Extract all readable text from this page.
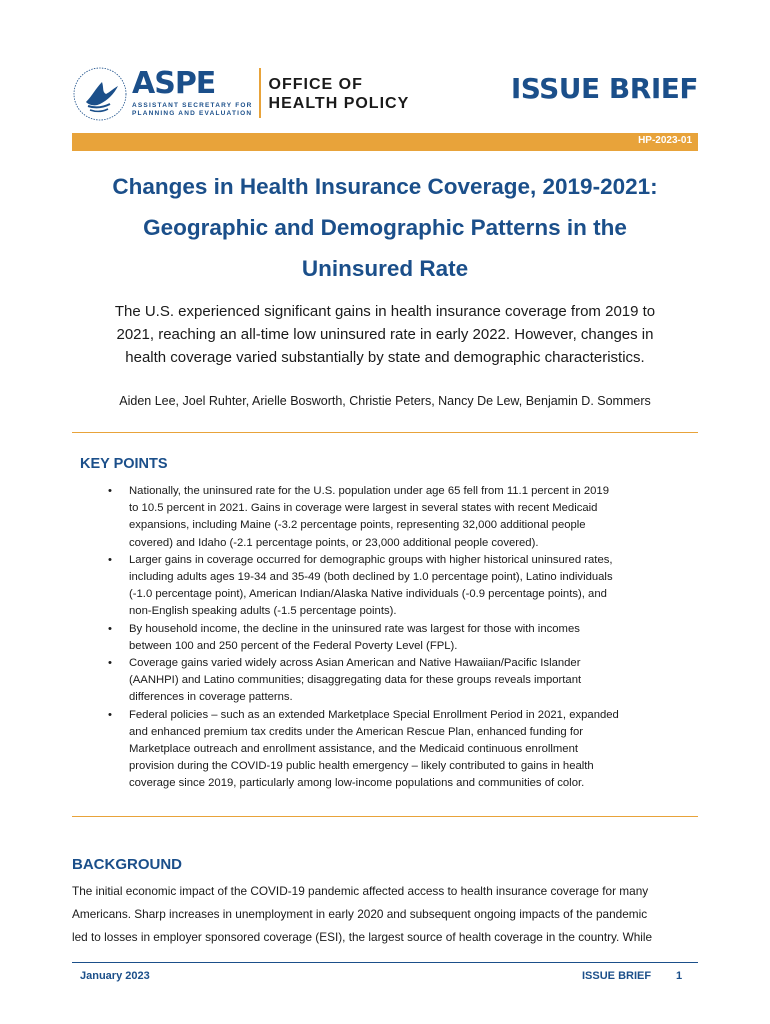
ASPE
ASSISTANT SECRETARY FOR
PLANNING AND EVALUATION
OFFICE OF
HEALTH POLICY	ISSUE BRIEF
HP-2023-01
Changes in Health Insurance Coverage, 2019-2021:
Geographic and Demographic Patterns in the
Uninsured Rate
The U.S. experienced significant gains in health insurance coverage from 2019 to
2021, reaching an all-time low uninsured rate in early 2022. However, changes in
health coverage varied substantially by state and demographic characteristics.
Aiden Lee, Joel Ruhter, Arielle Bosworth, Christie Peters, Nancy De Lew, Benjamin D. Sommers
KEY POINTS
• Nationally, the uninsured rate for the U.S. population under age 65 fell from 11.1 percent in 2019
to 10.5 percent in 2021. Gains in coverage were largest in several states with recent Medicaid
expansions, including Maine (-3.2 percentage points, representing 32,000 additional people
covered) and Idaho (-2.1 percentage points, or 23,000 additional people covered).
• Larger gains in coverage occurred for demographic groups with higher historical uninsured rates,
including adults ages 19-34 and 35-49 (both declined by 1.0 percentage point), Latino individuals
(-1.0 percentage point), American Indian/Alaska Native individuals (-0.9 percentage points), and
non-English speaking adults (-1.5 percentage points).
• By household income, the decline in the uninsured rate was largest for those with incomes
between 100 and 250 percent of the Federal Poverty Level (FPL).
• Coverage gains varied widely across Asian American and Native Hawaiian/Pacific Islander
(AANHPI) and Latino communities; disaggregating data for these groups reveals important
differences in coverage patterns.
• Federal policies – such as an extended Marketplace Special Enrollment Period in 2021, expanded
and enhanced premium tax credits under the American Rescue Plan, enhanced funding for
Marketplace outreach and enrollment assistance, and the Medicaid continuous enrollment
provision during the COVID-19 public health emergency – likely contributed to gains in health
coverage since 2019, particularly among low-income populations and communities of color.
BACKGROUND
The initial economic impact of the COVID-19 pandemic affected access to health insurance coverage for many
Americans. Sharp increases in unemployment in early 2020 and subsequent ongoing impacts of the pandemic
led to losses in employer sponsored coverage (ESI), the largest source of health coverage in the country. While
January 2023	ISSUE BRIEF 1
